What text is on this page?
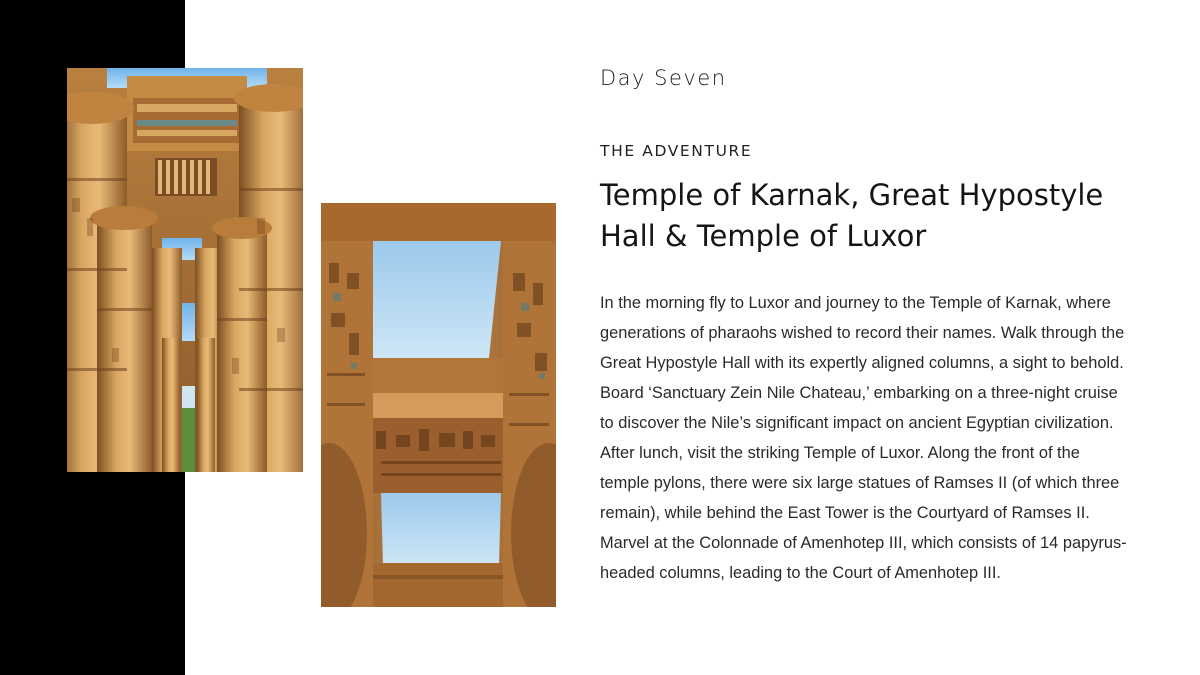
Day Seven

THE ADVENTURE

Temple of Karnak, Great Hypostyle Hall & Temple of Luxor

In the morning fly to Luxor and journey to the Temple of Karnak, where generations of pharaohs wished to record their names. Walk through the Great Hypostyle Hall with its expertly aligned columns, a sight to behold. Board ‘Sanctuary Zein Nile Chateau,’ embarking on a three-night cruise to discover the Nile’s significant impact on ancient Egyptian civilization. After lunch, visit the striking Temple of Luxor. Along the front of the temple pylons, there were six large statues of Ramses II (of which three remain), while behind the East Tower is the Courtyard of Ramses II. Marvel at the Colonnade of Amenhotep III, which consists of 14 papyrus-headed columns, leading to the Court of Amenhotep III.
